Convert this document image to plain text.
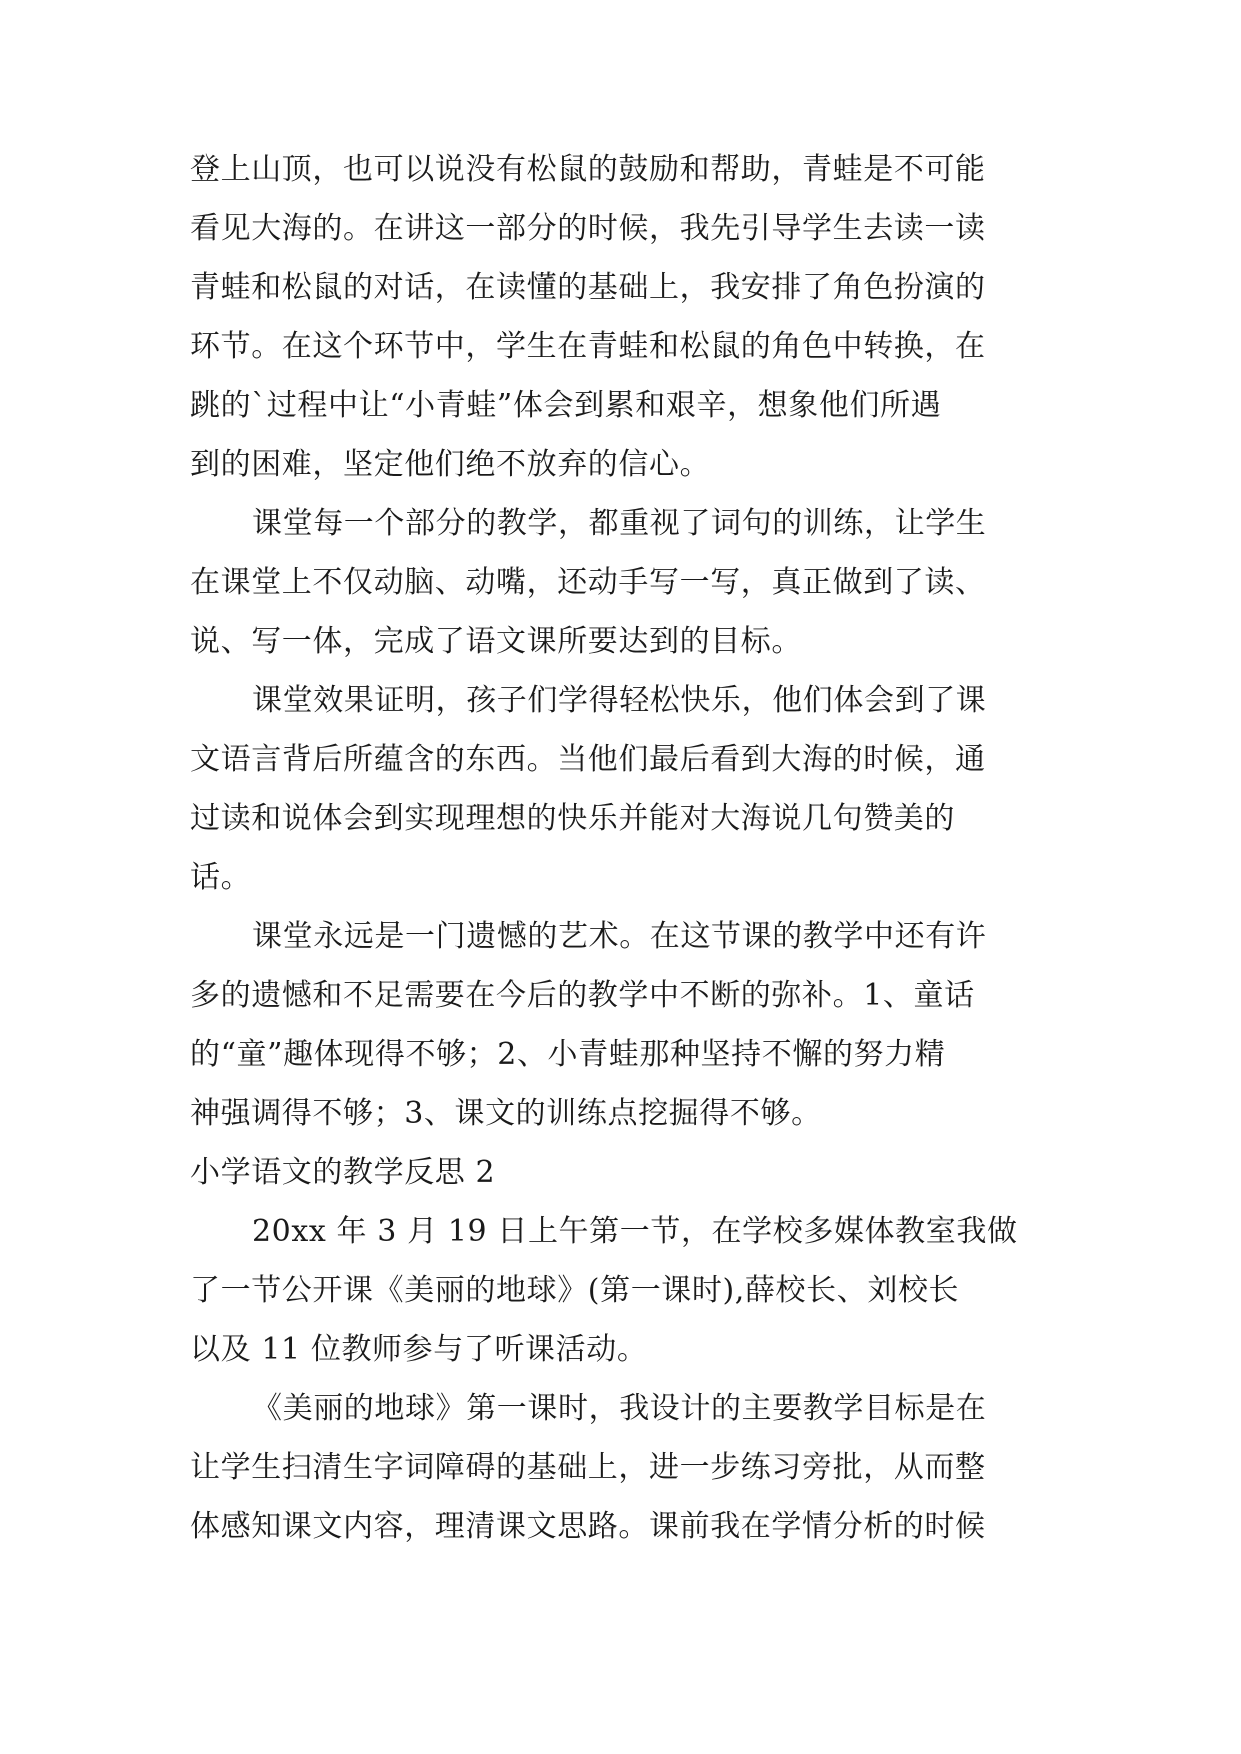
登上山顶，也可以说没有松鼠的鼓励和帮助，青蛙是不可能
看见大海的。在讲这一部分的时候，我先引导学生去读一读
青蛙和松鼠的对话，在读懂的基础上，我安排了角色扮演的
环节。在这个环节中，学生在青蛙和松鼠的角色中转换，在
跳的`过程中让“小青蛙”体会到累和艰辛，想象他们所遇
到的困难，坚定他们绝不放弃的信心。
课堂每一个部分的教学，都重视了词句的训练，让学生
在课堂上不仅动脑、动嘴，还动手写一写，真正做到了读、
说、写一体，完成了语文课所要达到的目标。
课堂效果证明，孩子们学得轻松快乐，他们体会到了课
文语言背后所蕴含的东西。当他们最后看到大海的时候，通
过读和说体会到实现理想的快乐并能对大海说几句赞美的
话。
课堂永远是一门遗憾的艺术。在这节课的教学中还有许
多的遗憾和不足需要在今后的教学中不断的弥补。1、童话
的“童”趣体现得不够；2、小青蛙那种坚持不懈的努力精
神强调得不够；3、课文的训练点挖掘得不够。
小学语文的教学反思 2
20xx 年 3 月 19 日上午第一节，在学校多媒体教室我做
了一节公开课《美丽的地球》(第一课时),薛校长、刘校长
以及 11 位教师参与了听课活动。
《美丽的地球》第一课时，我设计的主要教学目标是在
让学生扫清生字词障碍的基础上，进一步练习旁批，从而整
体感知课文内容，理清课文思路。课前我在学情分析的时候
